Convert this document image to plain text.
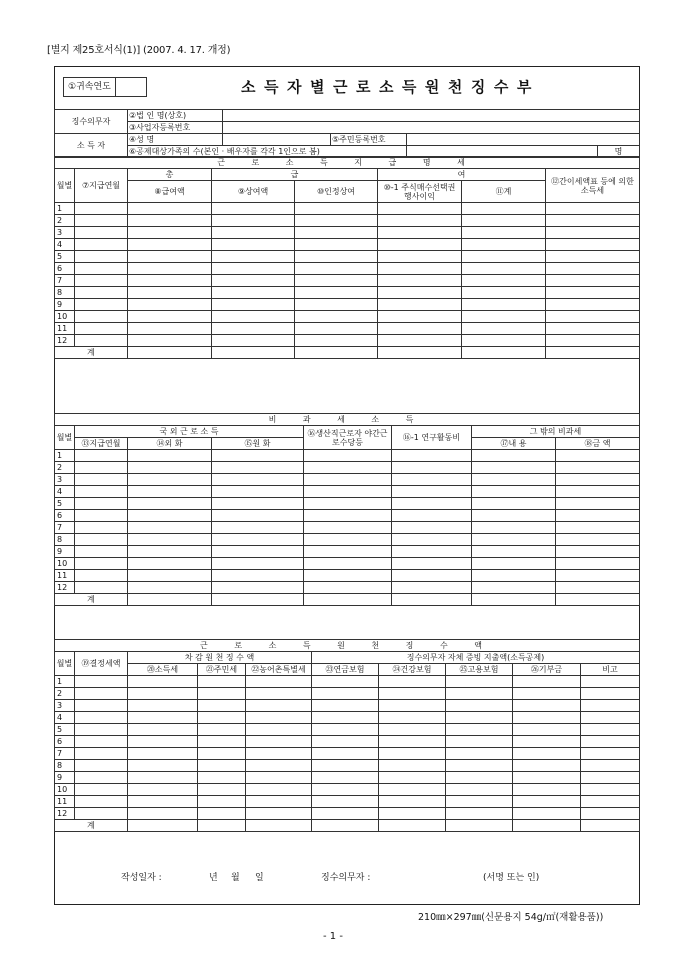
[별지 제25호서식(1)] (2007. 4. 17. 개정)
①귀속연도	소득자별근로소득원천징수부
징수의무자	②법 인 명(상호)				
	③사업자등록번호				
소 득 자	④성 명		⑤주민등록번호		
	⑥공제대상가족의 수(본인 · 배우자를 각각 1인으로 봄)				명
근 로 소 득 지 급 명 세							
월별	⑦지급연월	총	급		여		⑫간이세액표 등에 의한 소득세
		⑧급여액	⑨상여액	⑩인정상여	⑩-1 주식매수선택권 행사이익	⑪계	
1							
2							
3							
4							
5							
6							
7							
8							
9							
10							
11							
12							
계							
비 과 세 소 득							
월별	국 외 근 로 소 득			⑯생산직근로자 야간근로수당등	⑯-1 연구활동비	그 밖의 비과세	
	⑬지급연월	⑭외 화	⑮원 화			⑰내 용	⑱금 액
1							
2							
3							
4							
5							
6							
7							
8							
9							
10							
11							
12							
계							
근 로 소 득 원 천 징 수 액									
월별	⑲결정세액	차 감 원 천 징 수 액			징수의무자 자체 증빙 지출액(소득공제)				
		⑳소득세	㉑주민세	㉒농어촌특별세	㉓연금보험	㉔건강보험	㉕고용보험	㉖기부금	비고
1									
2									
3									
4									
5									
6									
7									
8									
9									
10									
11									
12									
계									
작성일자 :	년 월 일	징수의무자 :	(서명 또는 인)
210㎜×297㎜(신문용지 54g/㎡(재활용품))
- 1 -
